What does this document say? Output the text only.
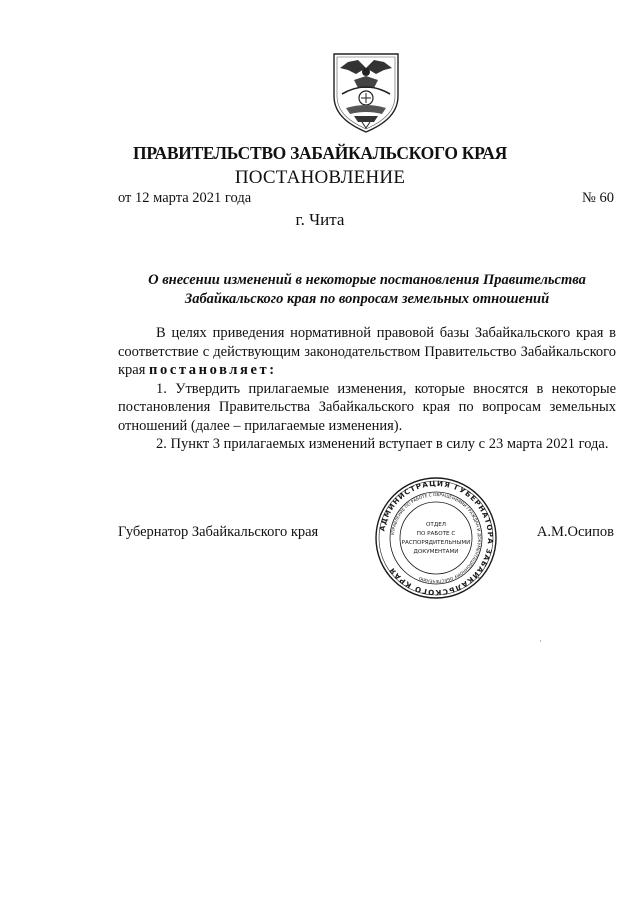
ПРАВИТЕЛЬСТВО ЗАБАЙКАЛЬСКОГО КРАЯ
ПОСТАНОВЛЕНИЕ
от 12 марта 2021 года	№ 60
г. Чита
О внесении изменений в некоторые постановления Правительства
Забайкальского края по вопросам земельных отношений

В целях приведения нормативной правовой базы Забайкальского края в соответствие с действующим законодательством Правительство Забайкальского края постановляет:

1. Утвердить прилагаемые изменения, которые вносятся в некоторые постановления Правительства Забайкальского края по вопросам земельных отношений (далее – прилагаемые изменения).

2. Пункт 3 прилагаемых изменений вступает в силу с 23 марта 2021 года.

Губернатор Забайкальского края	А.М.Осипов
АДМИНИСТРАЦИЯ ГУБЕРНАТОРА ЗАБАЙКАЛЬСКОГО КРАЯ
УПРАВЛЕНИЕ ПО РАБОТЕ С ОБРАЩЕНИЯМИ ГРАЖДАН И ДОКУМЕНТАЦИОННОМУ ОБЕСПЕЧЕНИЮ
ОТДЕЛ
ПО РАБОТЕ С
РАСПОРЯДИТЕЛЬНЫМИ
ДОКУМЕНТАМИ
